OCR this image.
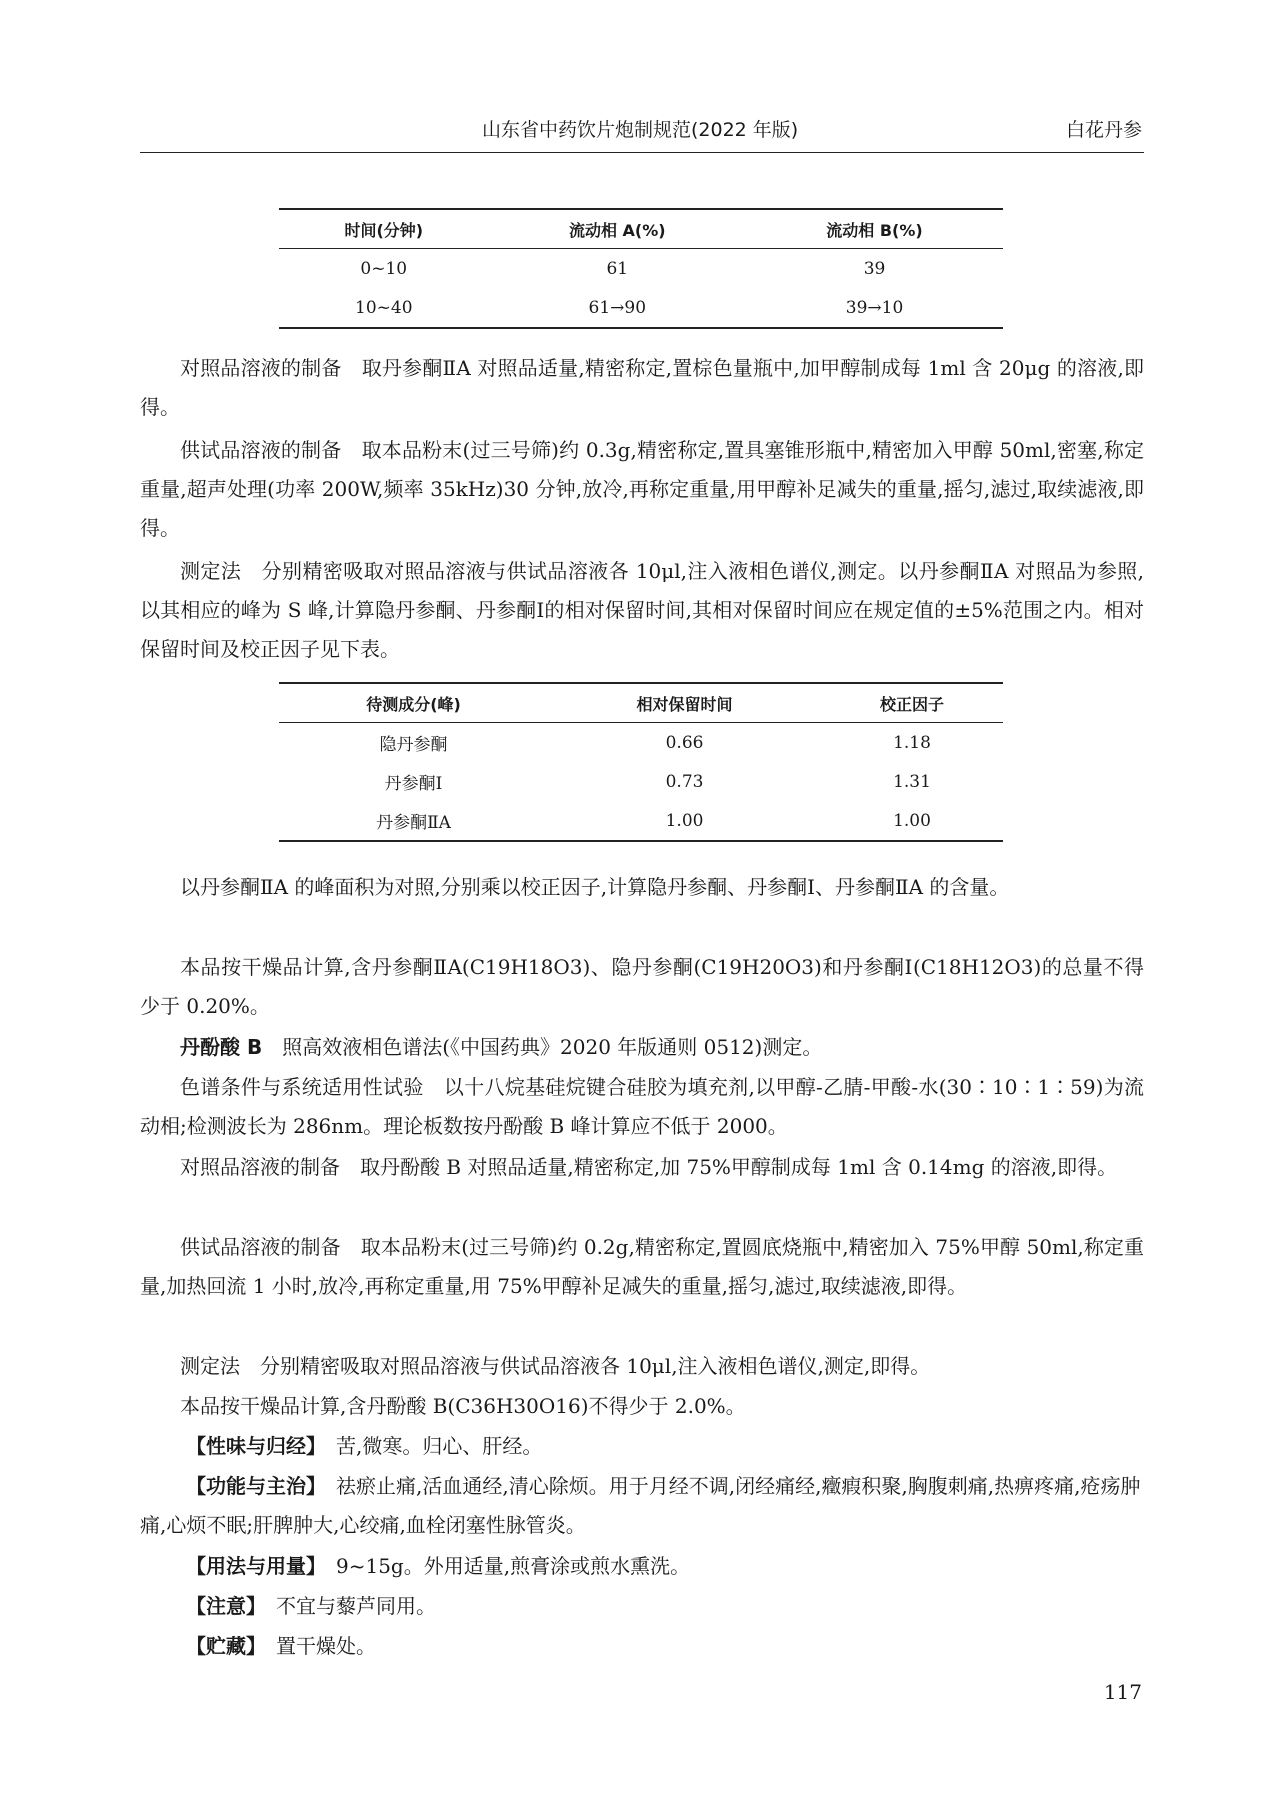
山东省中药饮片炮制规范(2022 年版)	白花丹参
时间(分钟)	流动相 A(%)	流动相 B(%)
0~10	61	39
10~40	61→90	39→10

对照品溶液的制备　取丹参酮ⅡA 对照品适量,精密称定,置棕色量瓶中,加甲醇制成每 1ml 含 20μg 的溶液,即得。

供试品溶液的制备　取本品粉末(过三号筛)约 0.3g,精密称定,置具塞锥形瓶中,精密加入甲醇 50ml,密塞,称定重量,超声处理(功率 200W,频率 35kHz)30 分钟,放冷,再称定重量,用甲醇补足减失的重量,摇匀,滤过,取续滤液,即得。

测定法　分别精密吸取对照品溶液与供试品溶液各 10μl,注入液相色谱仪,测定。以丹参酮ⅡA 对照品为参照,以其相应的峰为 S 峰,计算隐丹参酮、丹参酮Ⅰ的相对保留时间,其相对保留时间应在规定值的±5%范围之内。相对保留时间及校正因子见下表。

待测成分(峰)	相对保留时间	校正因子
隐丹参酮	0.66	1.18
丹参酮Ⅰ	0.73	1.31
丹参酮ⅡA	1.00	1.00

以丹参酮ⅡA 的峰面积为对照,分别乘以校正因子,计算隐丹参酮、丹参酮Ⅰ、丹参酮ⅡA 的含量。

本品按干燥品计算,含丹参酮ⅡA(C19H18O3)、隐丹参酮(C19H20O3)和丹参酮Ⅰ(C18H12O3)的总量不得少于 0.20%。

丹酚酸 B　 照高效液相色谱法(《中国药典》2020 年版通则 0512)测定。

色谱条件与系统适用性试验　以十八烷基硅烷键合硅胶为填充剂,以甲醇-乙腈-甲酸-水(30∶10∶1∶59)为流动相;检测波长为 286nm。理论板数按丹酚酸 B 峰计算应不低于 2000。

对照品溶液的制备　取丹酚酸 B 对照品适量,精密称定,加 75%甲醇制成每 1ml 含 0.14mg 的溶液,即得。

供试品溶液的制备　取本品粉末(过三号筛)约 0.2g,精密称定,置圆底烧瓶中,精密加入 75%甲醇 50ml,称定重量,加热回流 1 小时,放冷,再称定重量,用 75%甲醇补足减失的重量,摇匀,滤过,取续滤液,即得。

测定法　分别精密吸取对照品溶液与供试品溶液各 10μl,注入液相色谱仪,测定,即得。

本品按干燥品计算,含丹酚酸 B(C36H30O16)不得少于 2.0%。

【性味与归经】　 苦,微寒。归心、肝经。

【功能与主治】　 祛瘀止痛,活血通经,清心除烦。用于月经不调,闭经痛经,癥瘕积聚,胸腹刺痛,热痹疼痛,疮疡肿痛,心烦不眠;肝脾肿大,心绞痛,血栓闭塞性脉管炎。

【用法与用量】　 9~15g。外用适量,煎膏涂或煎水熏洗。

【注意】　 不宜与藜芦同用。

【贮藏】　 置干燥处。

117
